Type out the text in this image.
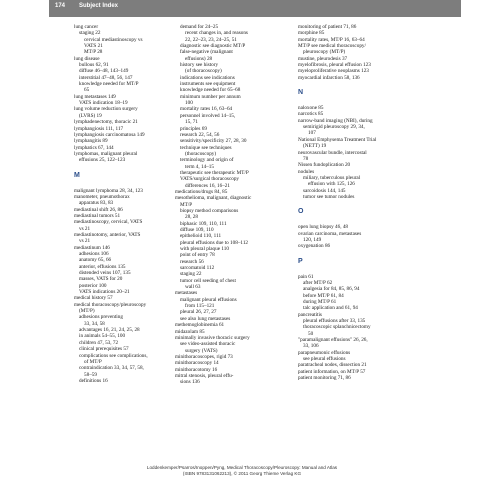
174 Subject Index
lung cancer
staging 22
cervical mediastinoscopy vs
VATS 21
MT/P 28
lung disease
bullous 62, 91
diffuse 46–48, 143–149
interstitial 47–48, 56, 147
knowledge needed for MT/P
65
lung metastases 149
VATS indication 18–19
lung volume reduction surgery
(LVRS) 19
lymphadenectomy, thoracic 21
lymphangiosis 111, 117
lymphangiosis carcinomatosa 149
lymphangitis 89
lymphatics 67, 144
lymphomas, malignant pleural
effusions 25, 122–123
M
malignant lymphoma 28, 34, 123
manometer, pneumothorax
apparatus 83, 83
mediastinal shift 26, 86
mediastinal tumors 51
mediastinoscopy, cervical, VATS
vs 21
mediastinotomy, anterior, VATS
vs 21
mediastinum 146
adhesions 106
anatomy 65, 66
anterior, effusions 135
distended veins 107, 135
masses, VATS for 20
posterior 100
VATS indications 20–21
medical history 57
medical thoracoscopy/pleuroscopy
(MT/P)
adhesions preventing
33, 34, 58
advantages 16, 21, 24, 25, 28
in animals 54–55, 100
children 47, 53, 72
clinical prerequisites 57
complications see complications,
of MT/P
contraindication 33, 34, 57, 58,
58–59
definitions 16
demand for 24–25
recent changes in, and reasons
22, 22–23, 23, 24–25, 51
diagnostic see diagnostic MT/P
false-negative (malignant
effusions) 28
history see history
(of thoracoscopy)
indications see indications
instruments see equipment
knowledge needed for 65–68
minimum number per annum
100
mortality rates 16, 63–64
personnel involved 14–15,
15, 71
principles 69
research 22, 54, 56
sensitivity/specificity 27, 28, 30
technique see techniques
(thoracoscopy)
terminology and origin of
term 4, 14–15
therapeutic see therapeutic MT/P
VATS/surgical thoracoscopy
differences 16, 16–21
medications/drugs 84, 85
mesothelioma, malignant, diagnostic
MT/P
biopsy method comparisons
28, 28
biphasic 109, 110, 111
diffuse 109, 110
epithelioid 110, 111
pleural effusions due to 108–112
with pleural plaque 110
point of entry 78
research 56
sarcomatoid 112
staging 22
tumor cell seeding of chest
wall 63
metastases
malignant pleural effusions
from 115–121
pleural 26, 27, 27
see also lung metastases
methemoglobinemia 61
midazolam 85
minimally invasive thoracic surgery
see video-assisted thoracic
surgery (VATS)
minithoracoscopes, rigid 73
minithoracoscopy 14
minithoracotomy 16
mitral stenosis, pleural effu-
sions 136
monitoring of patient 71, 86
morphine 85
mortality rates, MT/P 16, 63–64
MT/P see medical thoracoscopy/
pleuroscopy (MT/P)
mustine, pleurodesis 37
myelofibrosis, pleural effusion 123
myeloproliferative neoplasms 123
myocardial infarction 58, 136
N
naloxone 85
narcotics 85
narrow-band imaging (NBI), during
semirigid pleuroscopy 29, 34,
107
National Emphysema Treatment Trial
(NETT) 19
neurovascular bundle, intercostal
78
Nissen fundoplication 20
nodules
miliary, tuberculous pleural
effusion with 125, 126
sarcoidosis 144, 145
tumor see tumor nodules
O
open lung biopsy 46, 48
ovarian carcinoma, metastases
120, 149
oxygenation 86
P
pain 61
after MT/P 62
analgesia for 84, 85, 86, 94
before MT/P 61, 84
during MT/P 61
talc application and 61, 94
pancreatitis
pleural effusions after 33, 135
thoracoscopic splanchnicectomy
50
"paramalignant effusions" 26, 26,
33, 106
parapneumonic effusions
see pleural effusions
paratracheal nodes, dissection 21
patient information, on MT/P 57
patient monitoring 71, 86
Loddenkemper/Psarros/Inoppen/Pyng, Medical Thoracoscopy/Pleuroscopy: Manual and Atlas
(ISBN 9783131062213), © 2011 Georg Thieme Verlag KG
